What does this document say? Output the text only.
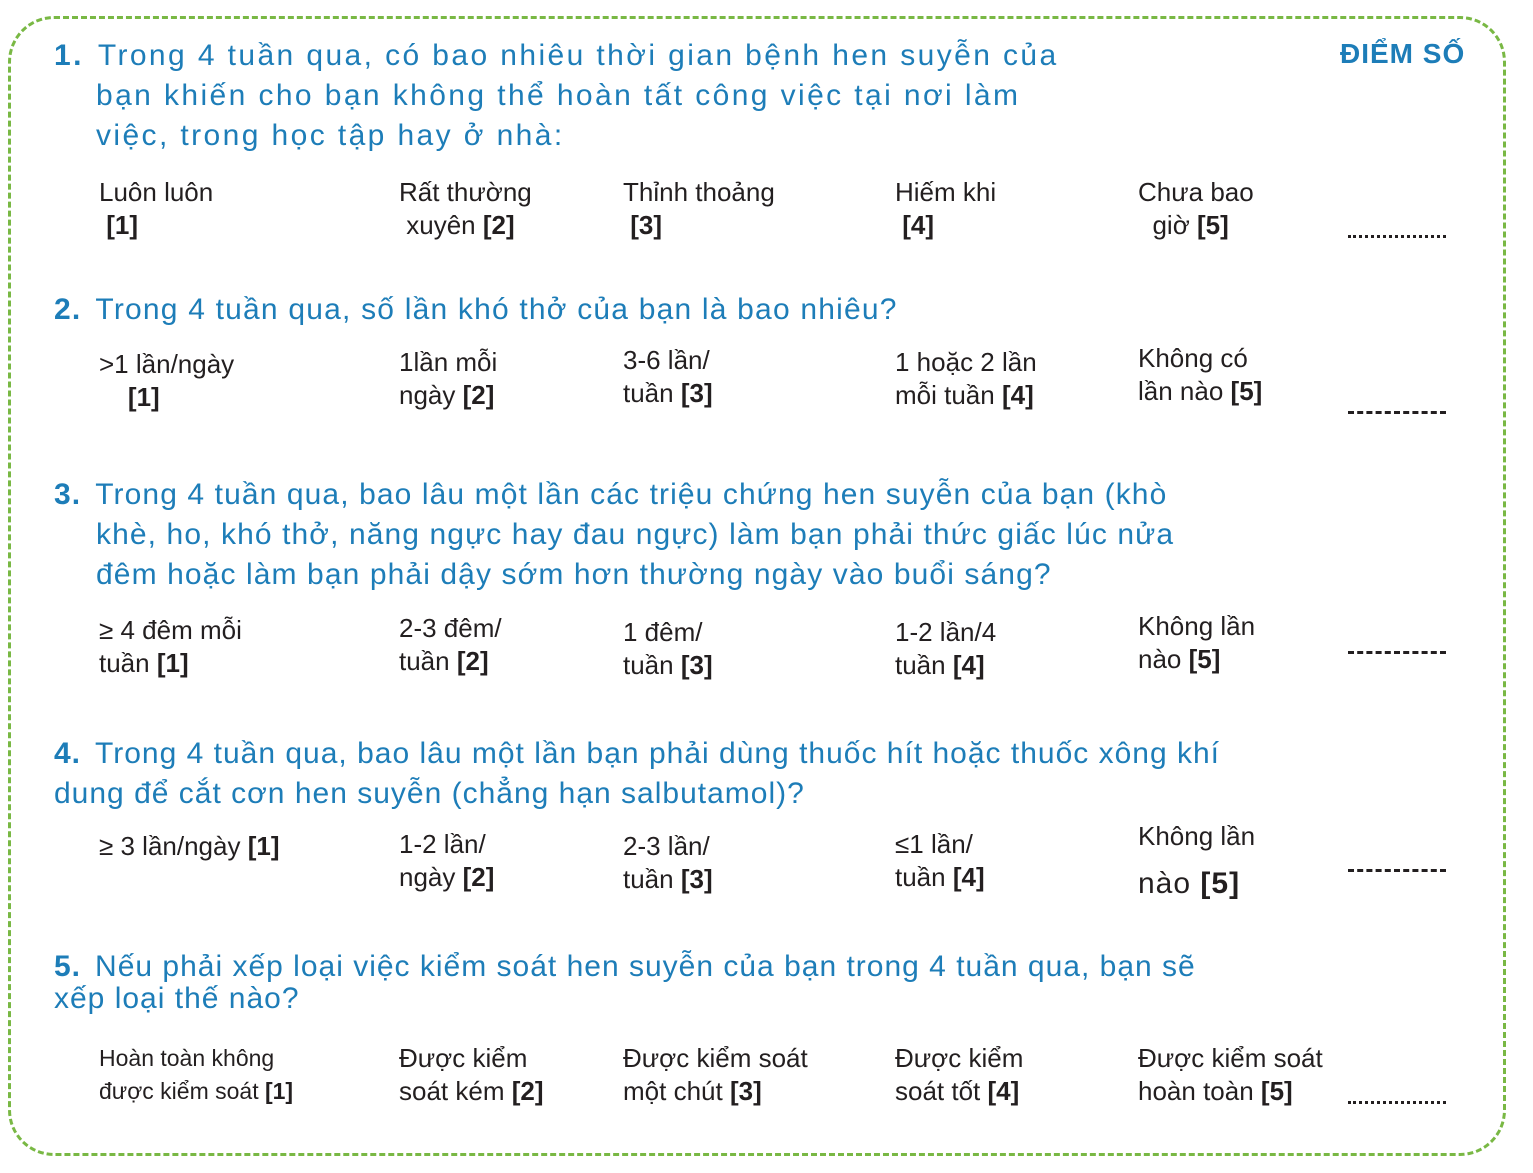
ĐIỂM SỐ
1. Trong 4 tuần qua, có bao nhiêu thời gian bệnh hen suyễn của
bạn khiến cho bạn không thể hoàn tất công việc tại nơi làm
việc, trong học tập hay ở nhà:
Luôn luôn
[1]
Rất thường
xuyên [2]
Thỉnh thoảng
[3]
Hiếm khi
[4]
Chưa bao
giờ [5]
2. Trong 4 tuần qua, số lần khó thở của bạn là bao nhiêu?
>1 lần/ngày
[1]
1lần mỗi
ngày [2]
3-6 lần/
tuần [3]
1 hoặc 2 lần
mỗi tuần [4]
Không có
lần nào [5]
3. Trong 4 tuần qua, bao lâu một lần các triệu chứng hen suyễn của bạn (khò
khè, ho, khó thở, năng ngực hay đau ngực) làm bạn phải thức giấc lúc nửa
đêm hoặc làm bạn phải dậy sớm hơn thường ngày vào buổi sáng?
≥ 4 đêm mỗi
tuần [1]
2-3 đêm/
tuần [2]
1 đêm/
tuần [3]
1-2 lần/4
tuần [4]
Không lần
nào [5]
4. Trong 4 tuần qua, bao lâu một lần bạn phải dùng thuốc hít hoặc thuốc xông khí
dung để cắt cơn hen suyễn (chẳng hạn salbutamol)?
≥ 3 lần/ngày [1]	1-2 lần/
ngày [2]
2-3 lần/
tuần [3]
≤1 lần/
tuần [4]
Không lần
nào [5]
5. Nếu phải xếp loại việc kiểm soát hen suyễn của bạn trong 4 tuần qua, bạn sẽ
xếp loại thế nào?
Hoàn toàn không
được kiểm soát [1]
Được kiểm
soát kém [2]
Được kiểm soát
một chút [3]
Được kiểm
soát tốt [4]
Được kiểm soát
hoàn toàn [5]
